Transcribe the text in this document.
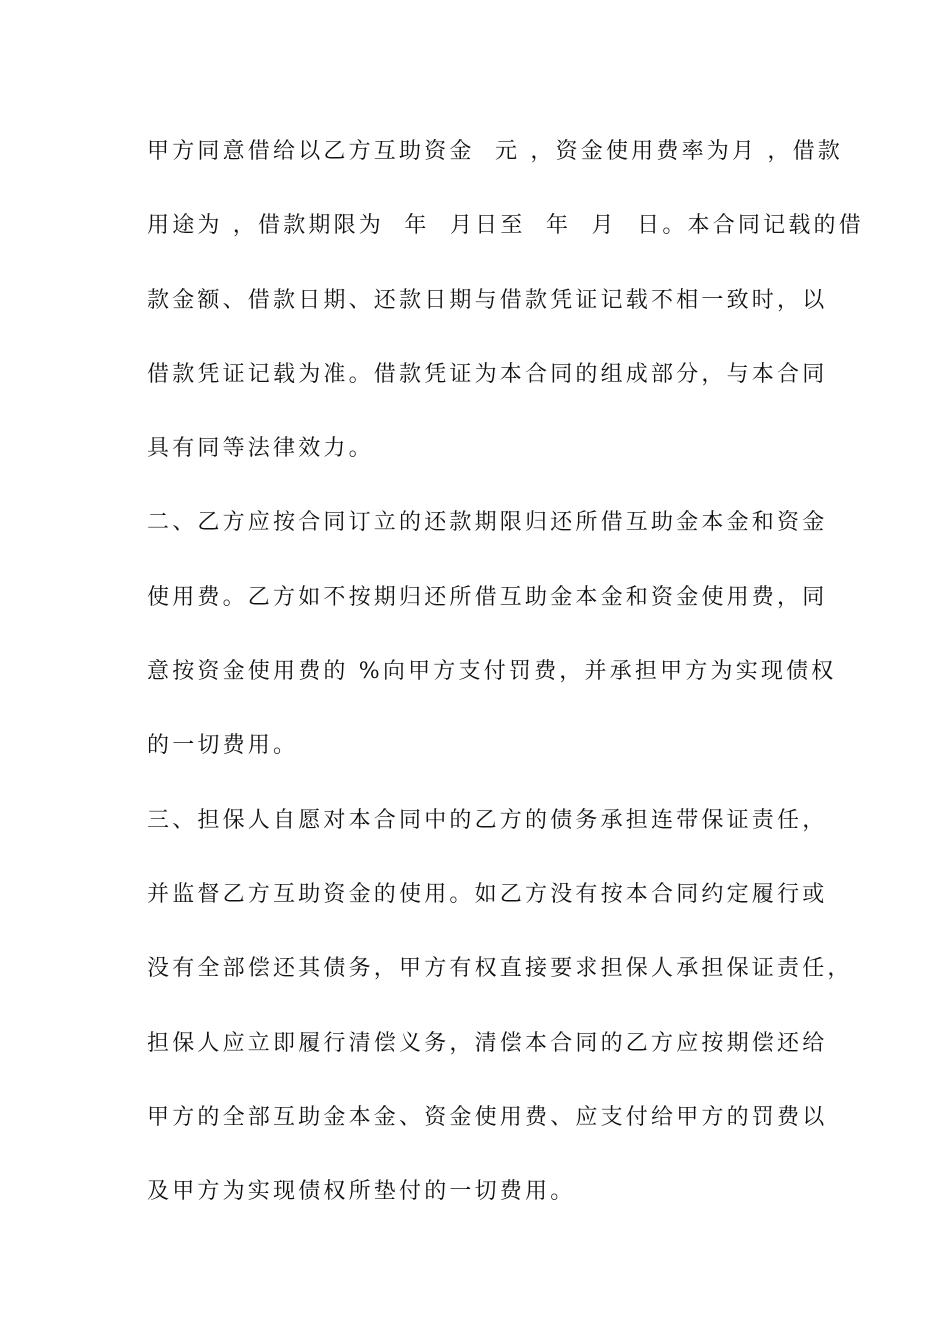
甲方同意借给以乙方互助资金  元 ，资金使用费率为月 ，借款
用途为 ，借款期限为  年  月日至  年  月  日。本合同记载的借
款金额、借款日期、还款日期与借款凭证记载不相一致时，以
借款凭证记载为准。借款凭证为本合同的组成部分，与本合同
具有同等法律效力。
二、乙方应按合同订立的还款期限归还所借互助金本金和资金
使用费。乙方如不按期归还所借互助金本金和资金使用费，同
意按资金使用费的 %向甲方支付罚费，并承担甲方为实现债权
的一切费用。
三、担保人自愿对本合同中的乙方的债务承担连带保证责任，
并监督乙方互助资金的使用。如乙方没有按本合同约定履行或
没有全部偿还其债务，甲方有权直接要求担保人承担保证责任，
担保人应立即履行清偿义务，清偿本合同的乙方应按期偿还给
甲方的全部互助金本金、资金使用费、应支付给甲方的罚费以
及甲方为实现债权所垫付的一切费用。
